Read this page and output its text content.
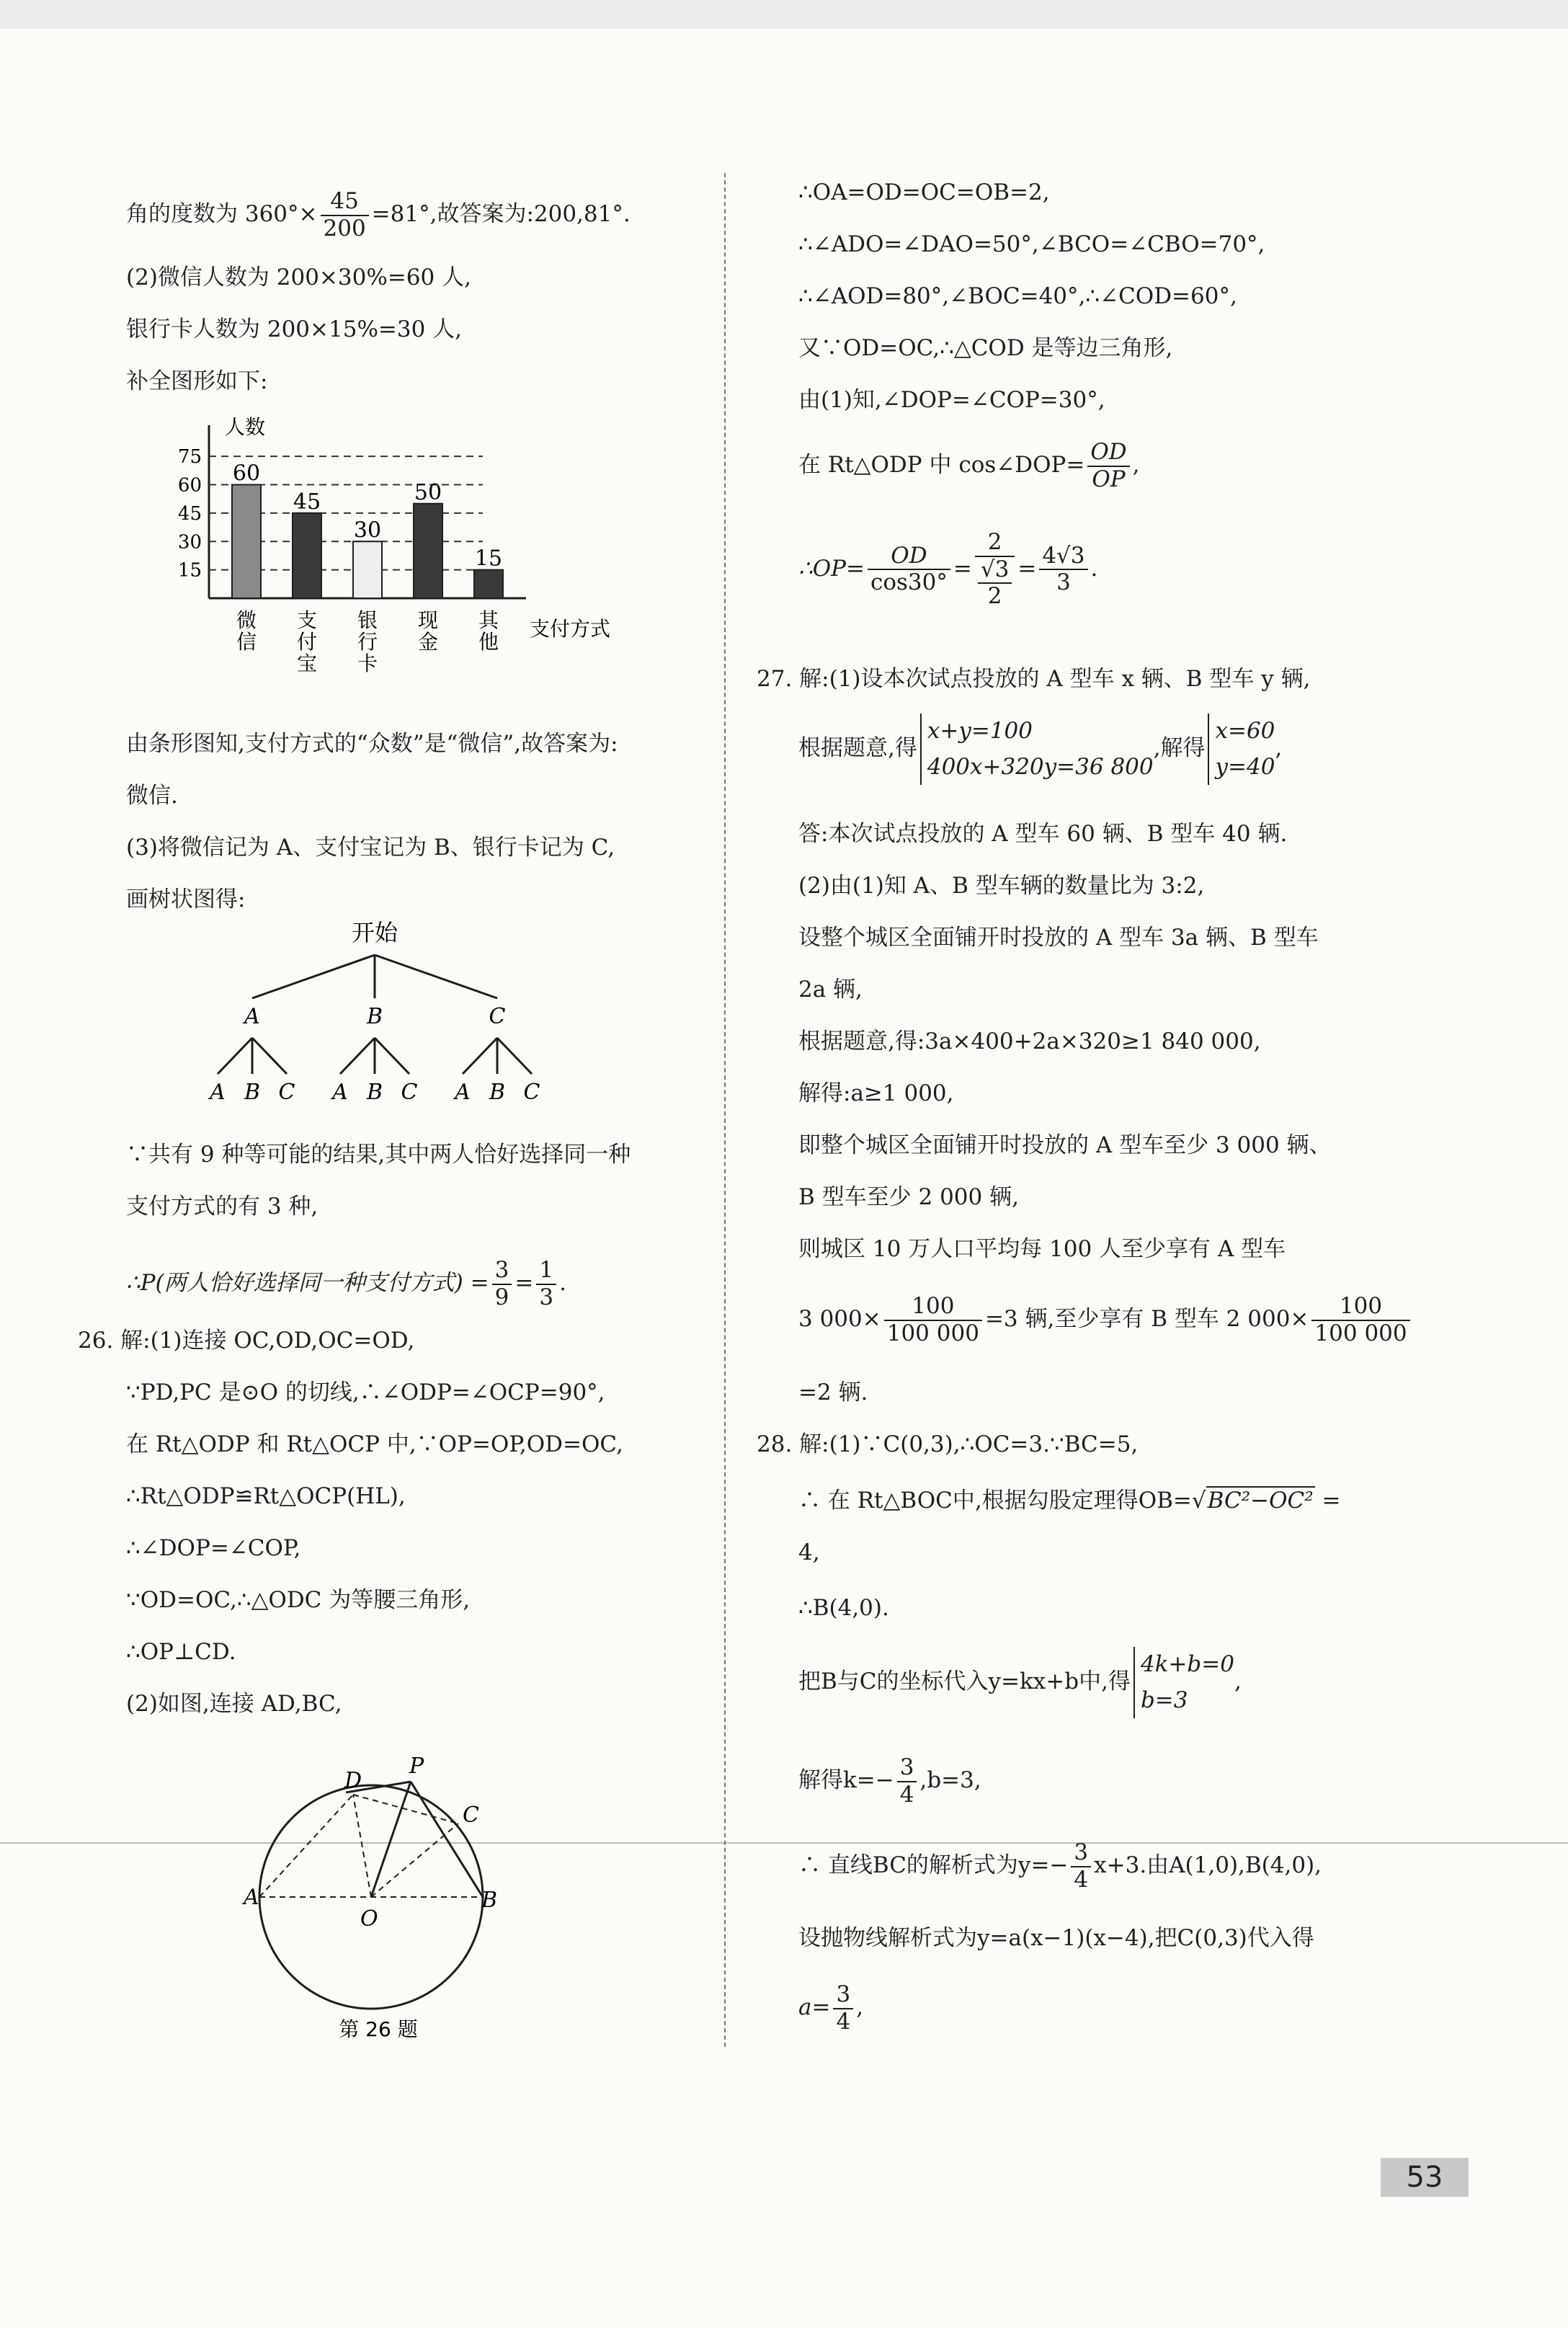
角的度数为 $360^\circ\times \frac{45}{200} =81^\circ$,故答案为:200,81°.
(2)微信人数为 200×30%=60 人,
银行卡人数为 200×15%=30 人,
补全图形如下:
人数
支付方式
15
30
45
60
75
60
微信
45
支付宝
30
银行卡
50
现金
15
其他
由条形图知,支付方式的“众数”是“微信”,故答案为:
微信.
(3)将微信记为 A、支付宝记为 B、银行卡记为 C,
画树状图得:
开始
A
A B C
B
A B C
C
A B C
∵共有 9 种等可能的结果,其中两人恰好选择同一种
支付方式的有 3 种,
∴P(两人恰好选择同一种支付方式) = $\frac{3}{9} = \frac{1}{3}$ .
26. 解:(1)连接 OC,OD,OC=OD,
∵PD,PC 是⊙O 的切线,∴∠ODP=∠OCP=90°,
在 Rt△ODP 和 Rt△OCP 中,∵OP=OP,OD=OC,
∴Rt△ODP≌Rt△OCP(HL),
∴∠DOP=∠COP,
∵OD=OC,∴△ODC 为等腰三角形,
∴OP⊥CD.
(2)如图,连接 AD,BC,
D
P
C
A
O
B
第 26 题
∴OA=OD=OC=OB=2,
∴∠ADO=∠DAO=50°,∠BCO=∠CBO=70°,
∴∠AOD=80°,∠BOC=40°,∴∠COD=60°,
又∵OD=OC,∴△COD 是等边三角形,
由(1)知,∠DOP=∠COP=30°,
在 Rt△ODP 中 cos∠DOP= $\frac{OD}{OP}$ ,
∴OP= $\frac{OD}{\cos 30^\circ} = 2$
√3
$2 = \frac{4√3}{3}$ .
27. 解:(1)设本次试点投放的 A 型车 x 辆、B 型车 y 辆,
根据题意,得
x+y=100
400x+320y=36 800
,解得
x=60
y=40
,
答:本次试点投放的 A 型车 60 辆、B 型车 40 辆.
(2)由(1)知 A、B 型车辆的数量比为 3:2,
设整个城区全面铺开时投放的 A 型车 3a 辆、B 型车
2a 辆,
根据题意,得:3a×400+2a×320≥1 840 000,
解得:a≥1 000,
即整个城区全面铺开时投放的 A 型车至少 3 000 辆、
B 型车至少 2 000 辆,
则城区 10 万人口平均每 100 人至少享有 A 型车
3 $000\times \frac{100}{100 000} =3$ 辆,至少享有 B 型车 2 $000\times \frac{100}{100 000}$
=2 辆.
28. 解:(1)∵C(0,3),∴OC=3.∵BC=5,
∴ 在 Rt△BOC中,根据勾股定理得OB=√BC²−OC² =
4,
∴B(4,0).
把B与C的坐标代入y=kx+b中,得
4k+b=0
b=3
,
解得$k=- \frac{3}{4} ,b=3$,
∴ 直线BC的解析式为$y=- \frac{3}{4} x+3$.由A(1,0),B(4,0),
设抛物线解析式为y=a(x−1)(x−4),把C(0,3)代入得
$a= \frac{3}{4}$ ,
53
